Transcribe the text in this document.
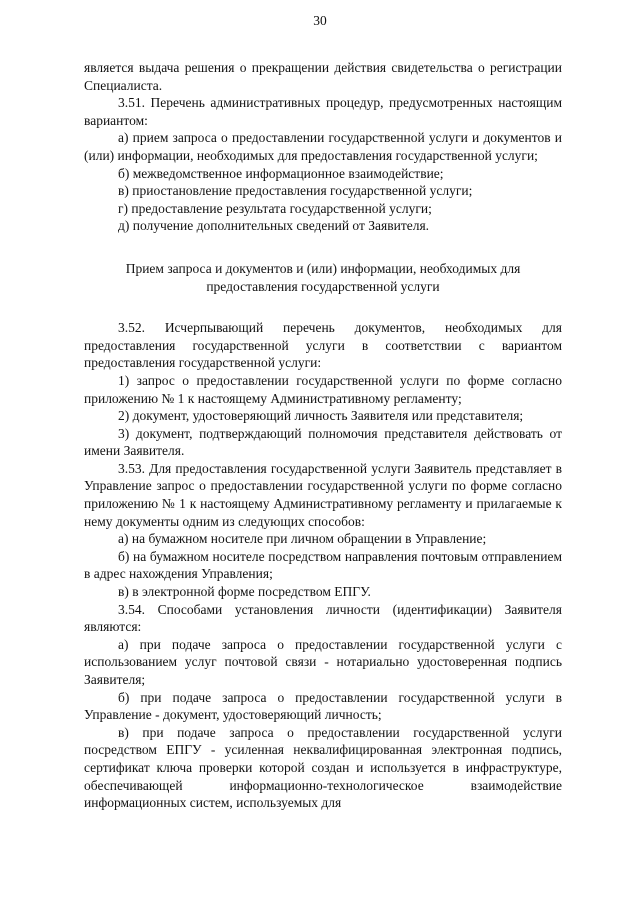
30

является выдача решения о прекращении действия свидетельства о регистрации Специалиста.

3.51. Перечень административных процедур, предусмотренных настоящим вариантом:

а) прием запроса о предоставлении государственной услуги и документов и (или) информации, необходимых для предоставления государственной услуги;

б) межведомственное информационное взаимодействие;

в) приостановление предоставления государственной услуги;

г) предоставление результата государственной услуги;

д) получение дополнительных сведений от Заявителя.

Прием запроса и документов и (или) информации, необходимых для предоставления государственной услуги

3.52. Исчерпывающий перечень документов, необходимых для предоставления государственной услуги в соответствии с вариантом предоставления государственной услуги:

1) запрос о предоставлении государственной услуги по форме согласно приложению № 1 к настоящему Административному регламенту;

2) документ, удостоверяющий личность Заявителя или представителя;

3) документ, подтверждающий полномочия представителя действовать от имени Заявителя.

3.53. Для предоставления государственной услуги Заявитель представляет в Управление запрос о предоставлении государственной услуги по форме согласно приложению № 1 к настоящему Административному регламенту и прилагаемые к нему документы одним из следующих способов:

а) на бумажном носителе при личном обращении в Управление;

б) на бумажном носителе посредством направления почтовым отправлением в адрес нахождения Управления;

в) в электронной форме посредством ЕПГУ.

3.54. Способами установления личности (идентификации) Заявителя являются:

а) при подаче запроса о предоставлении государственной услуги с использованием услуг почтовой связи - нотариально удостоверенная подпись Заявителя;

б) при подаче запроса о предоставлении государственной услуги в Управление - документ, удостоверяющий личность;

в) при подаче запроса о предоставлении государственной услуги посредством ЕПГУ - усиленная неквалифицированная электронная подпись, сертификат ключа проверки которой создан и используется в инфраструктуре, обеспечивающей информационно-технологическое взаимодействие информационных систем, используемых для
